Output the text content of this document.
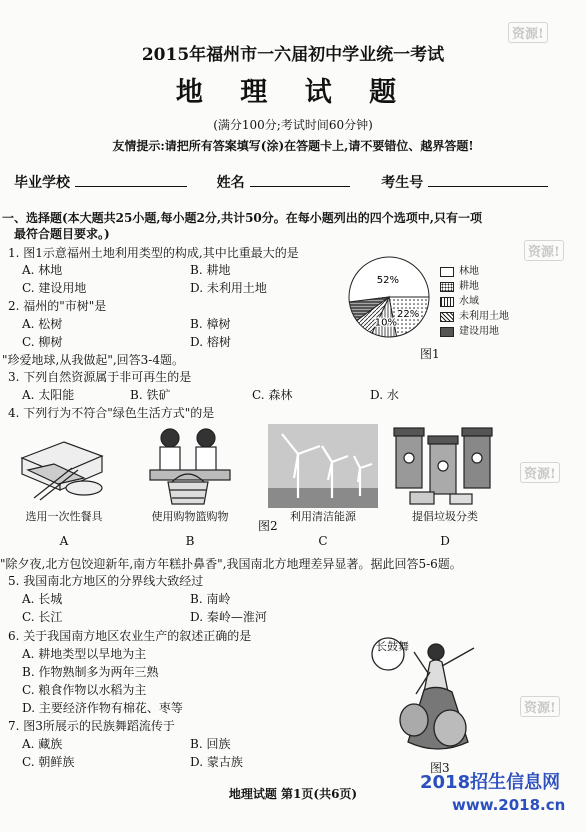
资源!
资源!
资源!
资源!
2015年福州市一六届初中学业统一考试
地 理 试 题
(满分100分;考试时间60分钟)
友情提示:请把所有答案填写(涂)在答题卡上,请不要错位、越界答题!
毕业学校	姓名	考生号
一、选择题(本大题共25小题,每小题2分,共计50分。在每小题列出的四个选项中,只有一项
最符合题目要求。)
1. 图1示意福州土地利用类型的构成,其中比重最大的是
A. 林地	B. 耕地
C. 建设用地	D. 未利用土地
2. 福州的"市树"是
A. 松树	B. 樟树
C. 柳树	D. 榕树
"珍爱地球,从我做起",回答3-4题。
52%
22%
10%
林地
耕地
水域
未利用土地
建设用地
图1
3. 下列自然资源属于非可再生的是
A. 太阳能	B. 铁矿	C. 森林	D. 水
4. 下列行为不符合"绿色生活方式"的是
选用一次性餐具
A
使用购物篮购物
B
利用清洁能源
C
提倡垃圾分类
D
图2
"除夕夜,北方包饺迎新年,南方年糕扑鼻香",我国南北方地理差异显著。据此回答5-6题。
5. 我国南北方地区的分界线大致经过
A. 长城	B. 南岭
C. 长江	D. 秦岭—淮河
6. 关于我国南方地区农业生产的叙述正确的是
A. 耕地类型以旱地为主
B. 作物熟制多为两年三熟
C. 粮食作物以水稻为主
D. 主要经济作物有棉花、枣等
7. 图3所展示的民族舞蹈流传于
A. 藏族	B. 回族
C. 朝鲜族	D. 蒙古族
长鼓舞
图3
地理试题 第1页(共6页)
2018招生信息网
www.2018.cn
